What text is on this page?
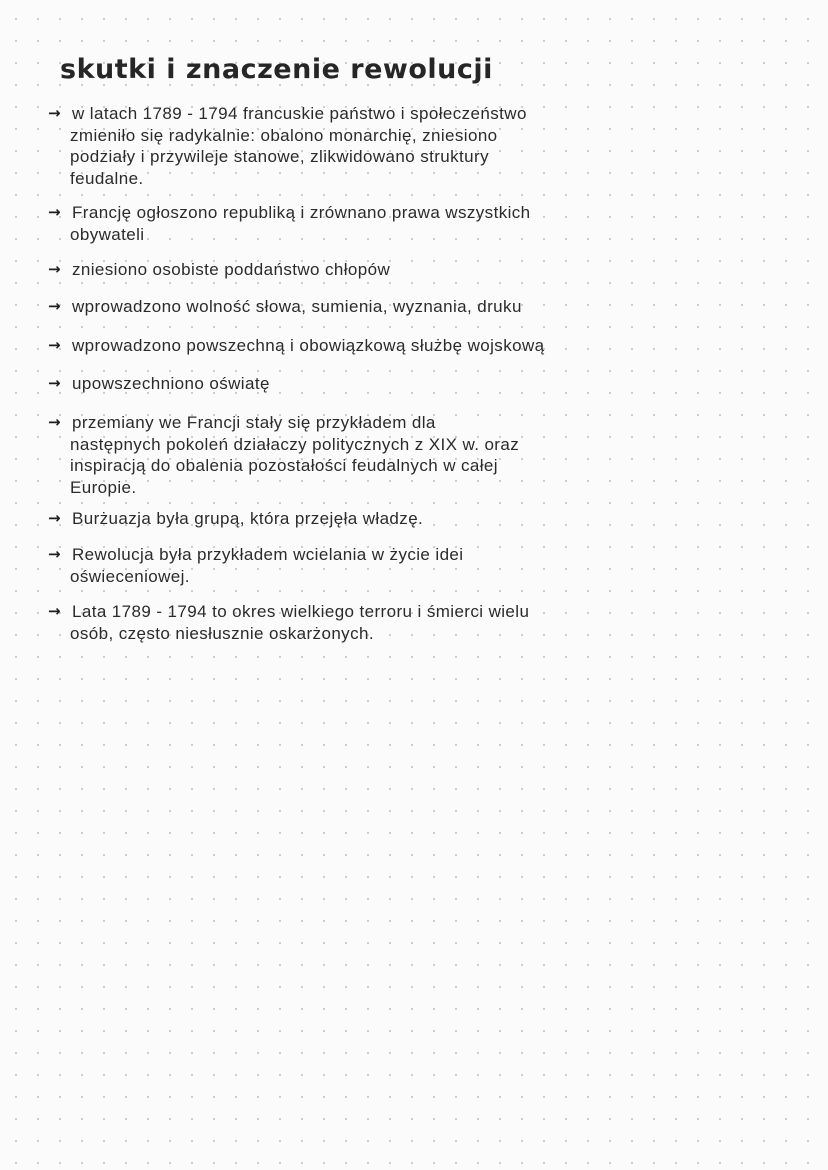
skutki i znaczenie rewolucji
→ w latach 1789 - 1794 francuskie państwo i społeczeństwo
zmieniło się radykalnie: obalono monarchię, zniesiono
podziały i przywileje stanowe, zlikwidowano struktury
feudalne.
→ Francję ogłoszono republiką i zrównano prawa wszystkich
obywateli
→ zniesiono osobiste poddaństwo chłopów
→ wprowadzono wolność słowa, sumienia, wyznania, druku
→ wprowadzono powszechną i obowiązkową służbę wojskową
→ upowszechniono oświatę
→ przemiany we Francji stały się przykładem dla
następnych pokoleń działaczy politycznych z XIX w. oraz
inspiracją do obalenia pozostałości feudalnych w całej
Europie.
→ Burżuazja była grupą, która przejęła władzę.
→ Rewolucja była przykładem wcielania w życie idei
oświeceniowej.
→ Lata 1789 - 1794 to okres wielkiego terroru i śmierci wielu
osób, często niesłusznie oskarżonych.
